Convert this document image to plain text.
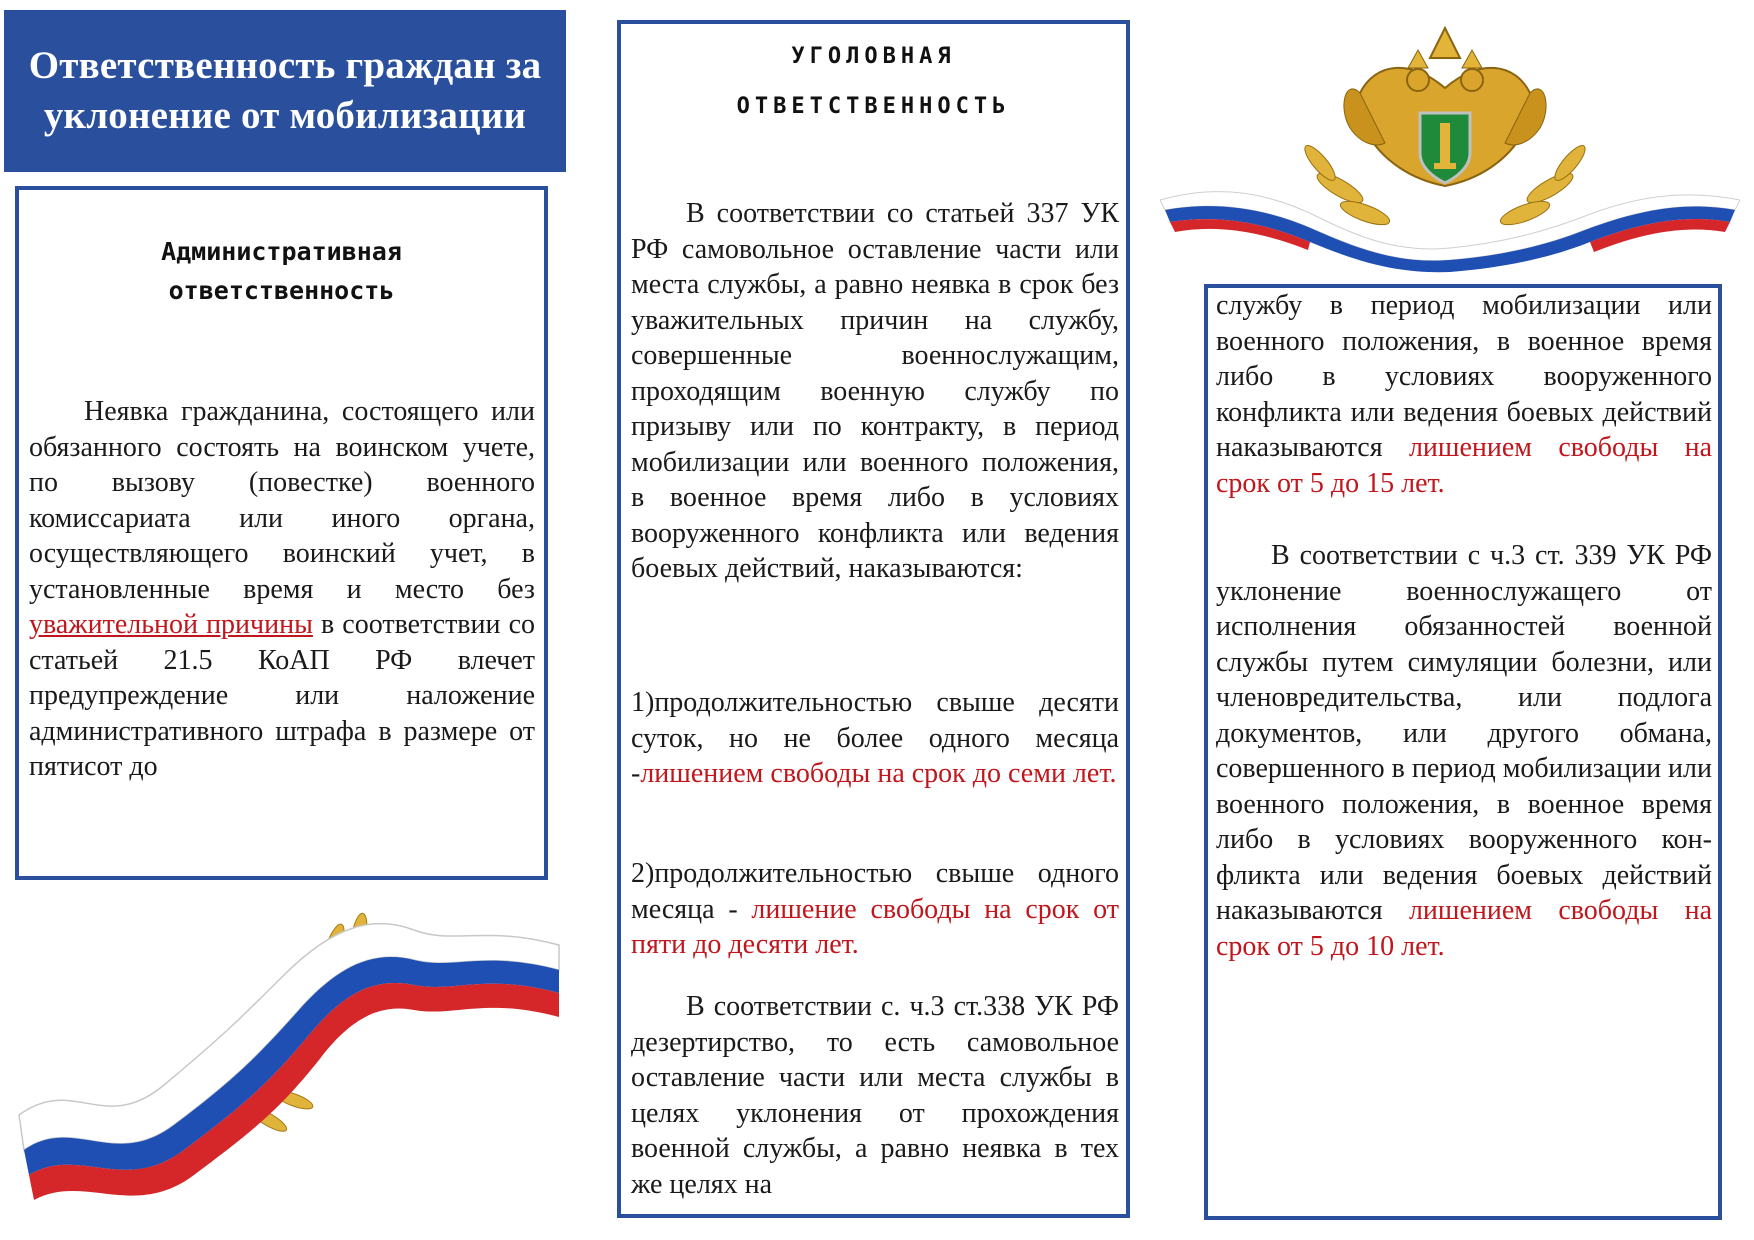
Ответственность граждан за уклонение от мобилизации
Административная
ответственность
Неявка гражданина, состоящего или обязанного состоять на воинском учете, по вызову (повестке) военного комиссариата или иного органа, осуществляющего воинский учет, в установленные время и место без уважительной причины в соответствии со статьей 21.5 КоАП РФ влечет предупреждение или наложение административного штрафа в размере от пятисот до
УГОЛОВНАЯ
ОТВЕТСТВЕННОСТЬ
В соответствии со статьей 337 УК РФ самовольное оставление части или места службы, а равно неявка в срок без уважительных причин на службу, совершенные военнослужащим, проходящим военную службу по призыву или по контракту, в период мобилизации или военного положения, в военное время либо в условиях вооруженного конфликта или ведения боевых действий, наказываются:
1)продолжительностью свыше десяти суток, но не более одного месяца -лишением свободы на срок до семи лет.
2)продолжительностью свыше одного месяца - лишение свободы на срок от пяти до десяти лет.
В соответствии с. ч.3 ст.338 УК РФ дезертирство, то есть самовольное оставление части или места службы в целях уклонения от прохождения военной службы, а равно неявка в тех же целях на
службу в период мобилизации или военного положения, в военное время либо в условиях вооруженного конфликта или ведения боевых действий наказываются лишением свободы на срок от 5 до 15 лет.
В соответствии с ч.3 ст. 339 УК РФ уклонение военнослужащего от исполнения обязанностей военной службы путем симуляции болезни, или членовредительства, или подлога документов, или другого обмана, совершенного в период мобилизации или военного положения, в военное время либо в условиях вооруженного конфликта или ведения боевых действий наказываются лишением свободы на срок от 5 до 10 лет.
